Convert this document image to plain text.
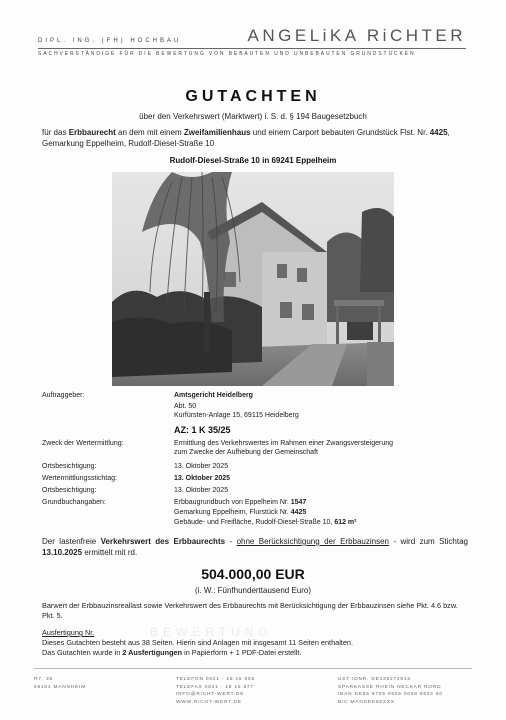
DIPL. ING. (FH) HOCHBAU	ANGELiKA RiCHTER
SACHVERSTÄNDIGE FÜR DIE BEWERTUNG VON BEBAUTEN UND UNBEBAUTEN GRUNDSTÜCKEN
GUTACHTEN
über den Verkehrswert (Marktwert) i. S. d. § 194 Baugesetzbuch
für das Erbbaurecht an dem mit einem Zweifamilienhaus und einem Carport bebauten Grundstück Flst. Nr. 4425, Gemarkung Eppelheim, Rudolf-Diesel-Straße 10
Rudolf-Diesel-Straße 10 in 69241 Eppelheim
Auftraggeber:	Amtsgericht Heidelberg
Abt. 50
Kurfürsten-Anlage 15, 69115 Heidelberg
AZ: 1 K 35/25
Zweck der Wertermittlung:	Ermittlung des Verkehrswertes im Rahmen einer Zwangsversteigerung
zum Zwecke der Aufhebung der Gemeinschaft
Ortsbesichtigung:	13. Oktober 2025
Wertermittlungsstichtag:	13. Oktober 2025
Ortsbesichtigung:	13. Oktober 2025
Grundbuchangaben:	Erbbaugrundbuch von Eppelheim Nr. 1547
Gemarkung Eppelheim, Flurstück Nr. 4425
Gebäude- und Freifläche, Rudolf-Diesel-Straße 10, 612 m²
Der lastenfreie Verkehrswert des Erbbaurechts - ohne Berücksichtigung der Erbbauzinsen - wird zum Stichtag 13.10.2025 ermittelt mit rd.
504.000,00 EUR
(i. W.: Fünfhunderttausend Euro)
BEWERTUNG
Barwert der Erbbauzinsreallast sowie Verkehrswert des Erbbaurechts mit Berücksichtigung der Erbbauzinsen siehe Pkt. 4.6 bzw. Pkt. 5.
Ausfertigung Nr.
Dieses Gutachten besteht aus 38 Seiten. Hierin sind Anlagen mit insgesamt 11 Seiten enthalten.
Das Gutachten wurde in 2 Ausfertigungen in Papierform + 1 PDF-Datei erstellt.
R7, 35
68161 MANNHEIM
TELEFON 0621 - 18 15 855
TELEFAX 0621 - 18 15 877
INFO@RICHT-WERT.DE
WWW.RICHT-WERT.DE
UST-IDNR. DE136274816
SPARKASSE RHEIN NECKAR NORD
IBAN DE66 6705 0505 0038 5832 80
BIC MANSDE66XXX
